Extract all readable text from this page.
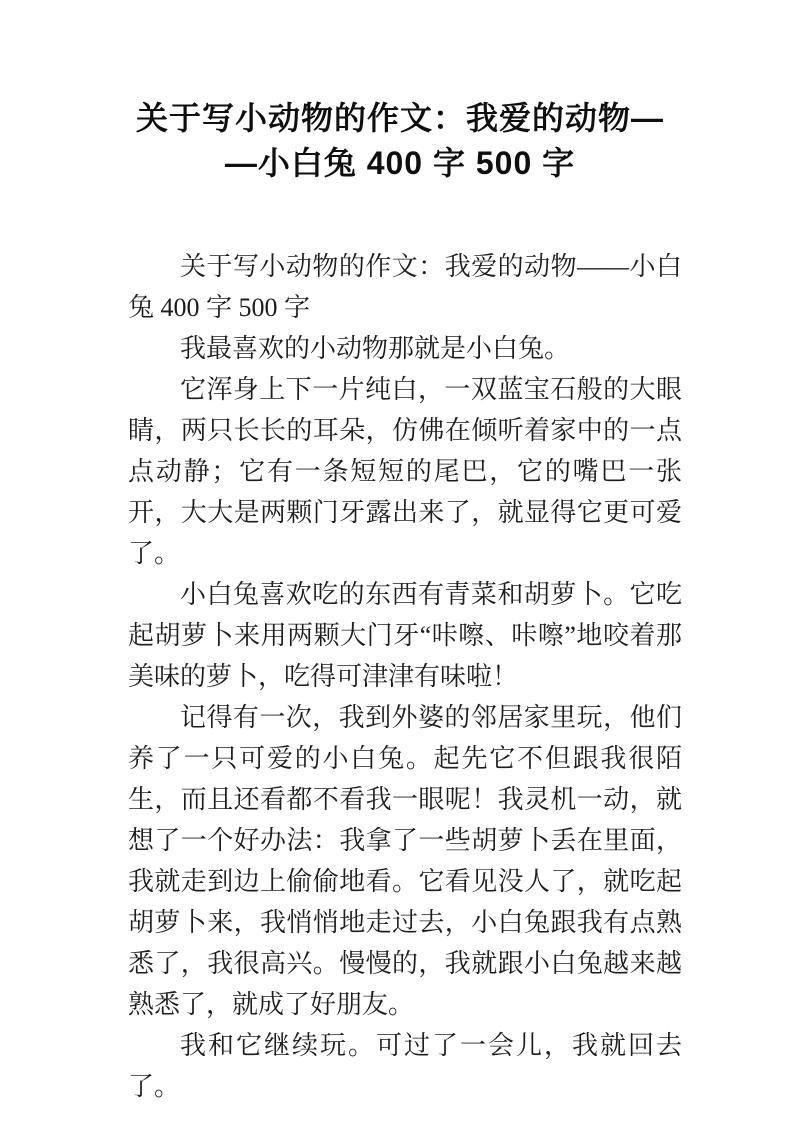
关于写小动物的作文：我爱的动物—
—小白兔 400 字 500 字

关于写小动物的作文：我爱的动物——小白兔 400 字 500 字

我最喜欢的小动物那就是小白兔。

它浑身上下一片纯白，一双蓝宝石般的大眼睛，两只长长的耳朵，仿佛在倾听着家中的一点点动静；它有一条短短的尾巴，它的嘴巴一张开，大大是两颗门牙露出来了，就显得它更可爱了。

小白兔喜欢吃的东西有青菜和胡萝卜。它吃起胡萝卜来用两颗大门牙“咔嚓、咔嚓”地咬着那美味的萝卜，吃得可津津有味啦！

记得有一次，我到外婆的邻居家里玩，他们养了一只可爱的小白兔。起先它不但跟我很陌生，而且还看都不看我一眼呢！我灵机一动，就想了一个好办法：我拿了一些胡萝卜丢在里面，我就走到边上偷偷地看。它看见没人了，就吃起胡萝卜来，我悄悄地走过去，小白兔跟我有点熟悉了，我很高兴。慢慢的，我就跟小白兔越来越熟悉了，就成了好朋友。

我和它继续玩。可过了一会儿，我就回去了。
